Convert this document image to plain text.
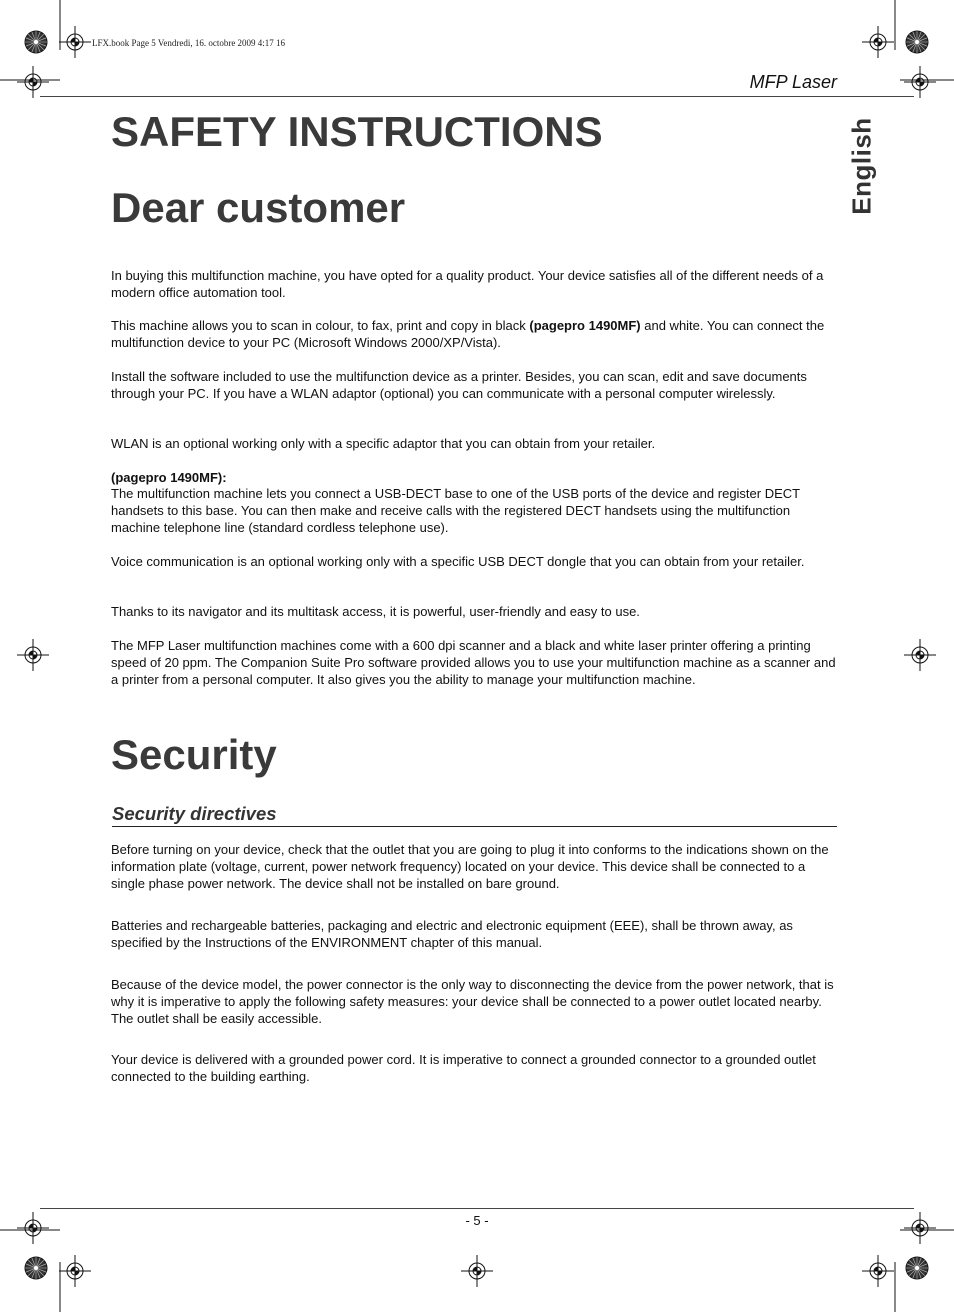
LFX.book Page 5 Vendredi, 16. octobre 2009 4:17 16
MFP Laser
English
SAFETY INSTRUCTIONS
Dear customer

In buying this multifunction machine, you have opted for a quality product. Your device satisfies all of the different needs of a modern office automation tool.

This machine allows you to scan in colour, to fax, print and copy in black (pagepro 1490MF) and white. You can connect the multifunction device to your PC (Microsoft Windows 2000/XP/Vista).

Install the software included to use the multifunction device as a printer. Besides, you can scan, edit and save documents through your PC. If you have a WLAN adaptor (optional) you can communicate with a personal computer wirelessly.

WLAN is an optional working only with a specific adaptor that you can obtain from your retailer.

(pagepro 1490MF):

The multifunction machine lets you connect a USB-DECT base to one of the USB ports of the device and register DECT handsets to this base. You can then make and receive calls with the registered DECT handsets using the multifunction machine telephone line (standard cordless telephone use).

Voice communication is an optional working only with a specific USB DECT dongle that you can obtain from your retailer.

Thanks to its navigator and its multitask access, it is powerful, user-friendly and easy to use.

The MFP Laser multifunction machines come with a 600 dpi scanner and a black and white laser printer offering a printing speed of 20 ppm. The Companion Suite Pro software provided allows you to use your multifunction machine as a scanner and a printer from a personal computer. It also gives you the ability to manage your multifunction machine.

Security
Security directives

Before turning on your device, check that the outlet that you are going to plug it into conforms to the indications shown on the information plate (voltage, current, power network frequency) located on your device. This device shall be connected to a single phase power network. The device shall not be installed on bare ground.

Batteries and rechargeable batteries, packaging and electric and electronic equipment (EEE), shall be thrown away, as specified by the Instructions of the ENVIRONMENT chapter of this manual.

Because of the device model, the power connector is the only way to disconnecting the device from the power network, that is why it is imperative to apply the following safety measures: your device shall be connected to a power outlet located nearby. The outlet shall be easily accessible.

Your device is delivered with a grounded power cord. It is imperative to connect a grounded connector to a grounded outlet connected to the building earthing.

- 5 -
